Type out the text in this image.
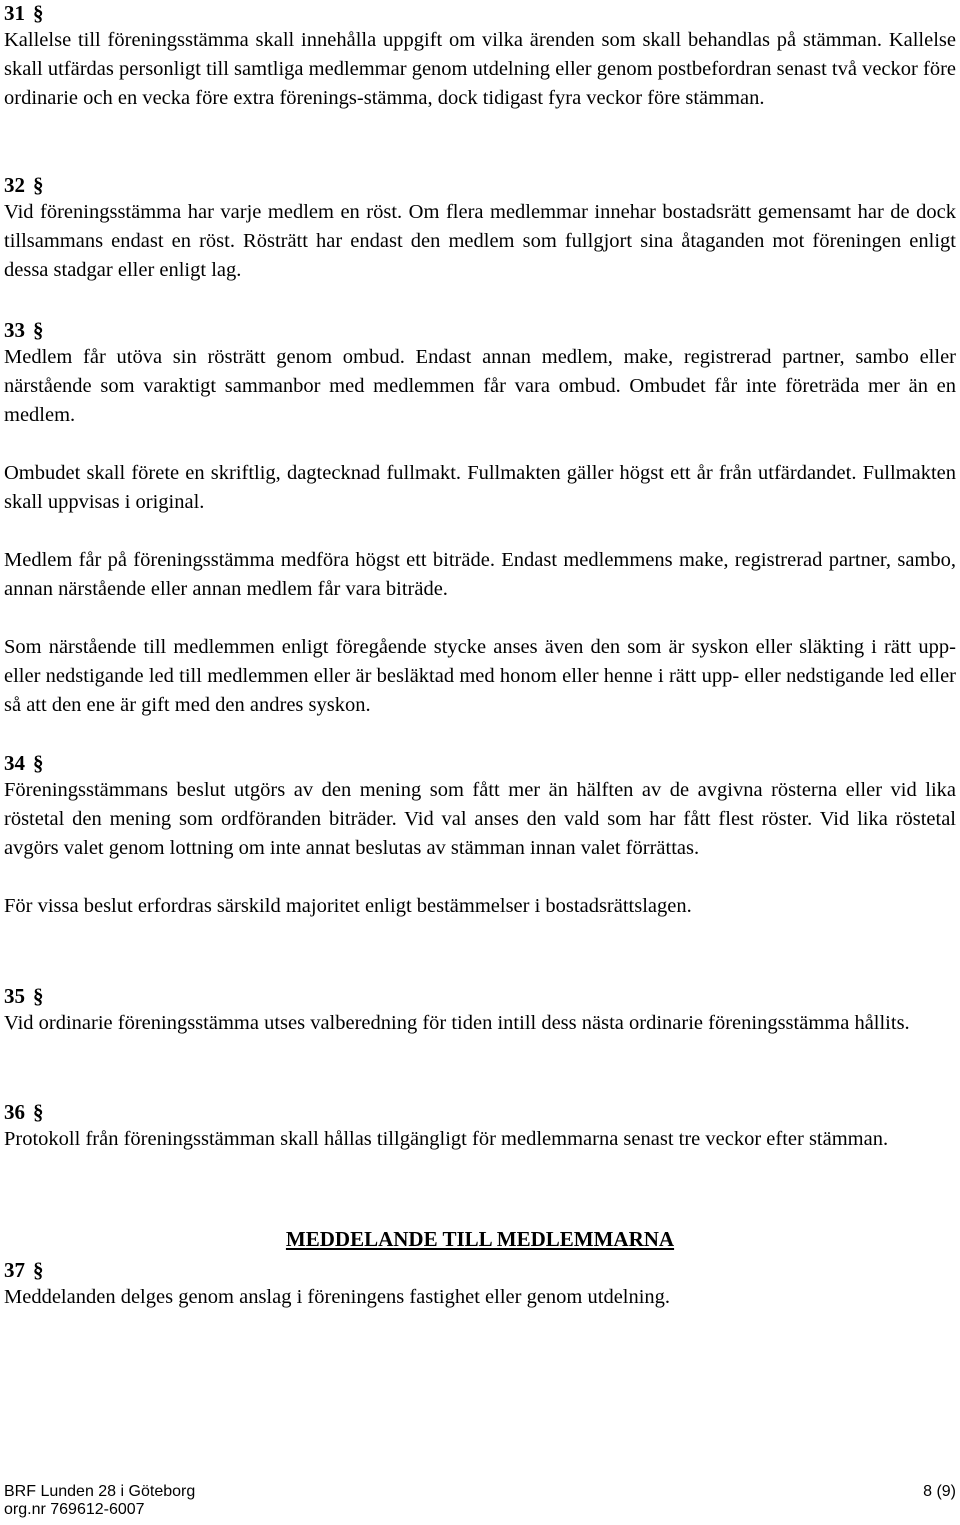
31 §

Kallelse till föreningsstämma skall innehålla uppgift om vilka ärenden som skall behandlas på stämman. Kallelse skall utfärdas personligt till samtliga medlemmar genom utdelning eller genom postbefordran senast två veckor före ordinarie och en vecka före extra förenings-stämma, dock tidigast fyra veckor före stämman.

32 §

Vid föreningsstämma har varje medlem en röst. Om flera medlemmar innehar bostadsrätt gemensamt har de dock tillsammans endast en röst. Rösträtt har endast den medlem som fullgjort sina åtaganden mot föreningen enligt dessa stadgar eller enligt lag.

33 §

Medlem får utöva sin rösträtt genom ombud. Endast annan medlem, make, registrerad partner, sambo eller närstående som varaktigt sammanbor med medlemmen får vara ombud. Ombudet får inte företräda mer än en medlem.

Ombudet skall förete en skriftlig, dagtecknad fullmakt. Fullmakten gäller högst ett år från utfärdandet. Fullmakten skall uppvisas i original.

Medlem får på föreningsstämma medföra högst ett biträde. Endast medlemmens make, registrerad partner, sambo, annan närstående eller annan medlem får vara biträde.

Som närstående till medlemmen enligt föregående stycke anses även den som är syskon eller släkting i rätt upp- eller nedstigande led till medlemmen eller är besläktad med honom eller henne i rätt upp- eller nedstigande led eller så att den ene är gift med den andres syskon.

34 §

Föreningsstämmans beslut utgörs av den mening som fått mer än hälften av de avgivna rösterna eller vid lika röstetal den mening som ordföranden biträder. Vid val anses den vald som har fått flest röster. Vid lika röstetal avgörs valet genom lottning om inte annat beslutas av stämman innan valet förrättas.

För vissa beslut erfordras särskild majoritet enligt bestämmelser i bostadsrättslagen.

35 §

Vid ordinarie föreningsstämma utses valberedning för tiden intill dess nästa ordinarie föreningsstämma hållits.

36 §

Protokoll från föreningsstämman skall hållas tillgängligt för medlemmarna senast tre veckor efter stämman.

MEDDELANDE TILL MEDLEMMARNA
37 §

Meddelanden delges genom anslag i föreningens fastighet eller genom utdelning.

BRF Lunden 28 i Göteborg	8 (9)
org.nr 769612-6007
